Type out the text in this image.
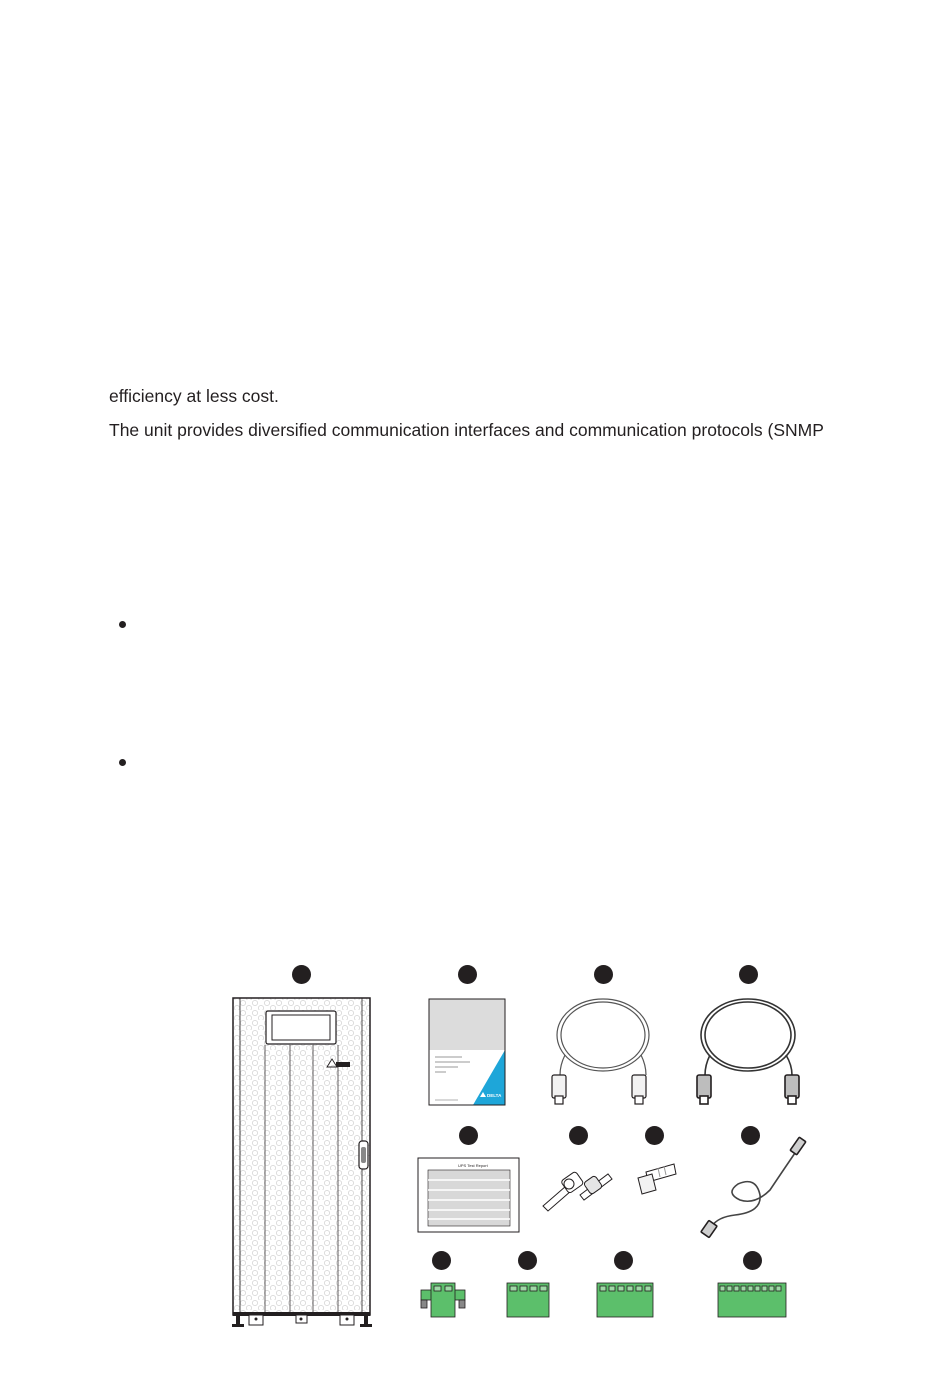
efficiency at less cost.
The unit provides diversified communication interfaces and communication protocols (SNMP
DELTA
UPS Test Report
